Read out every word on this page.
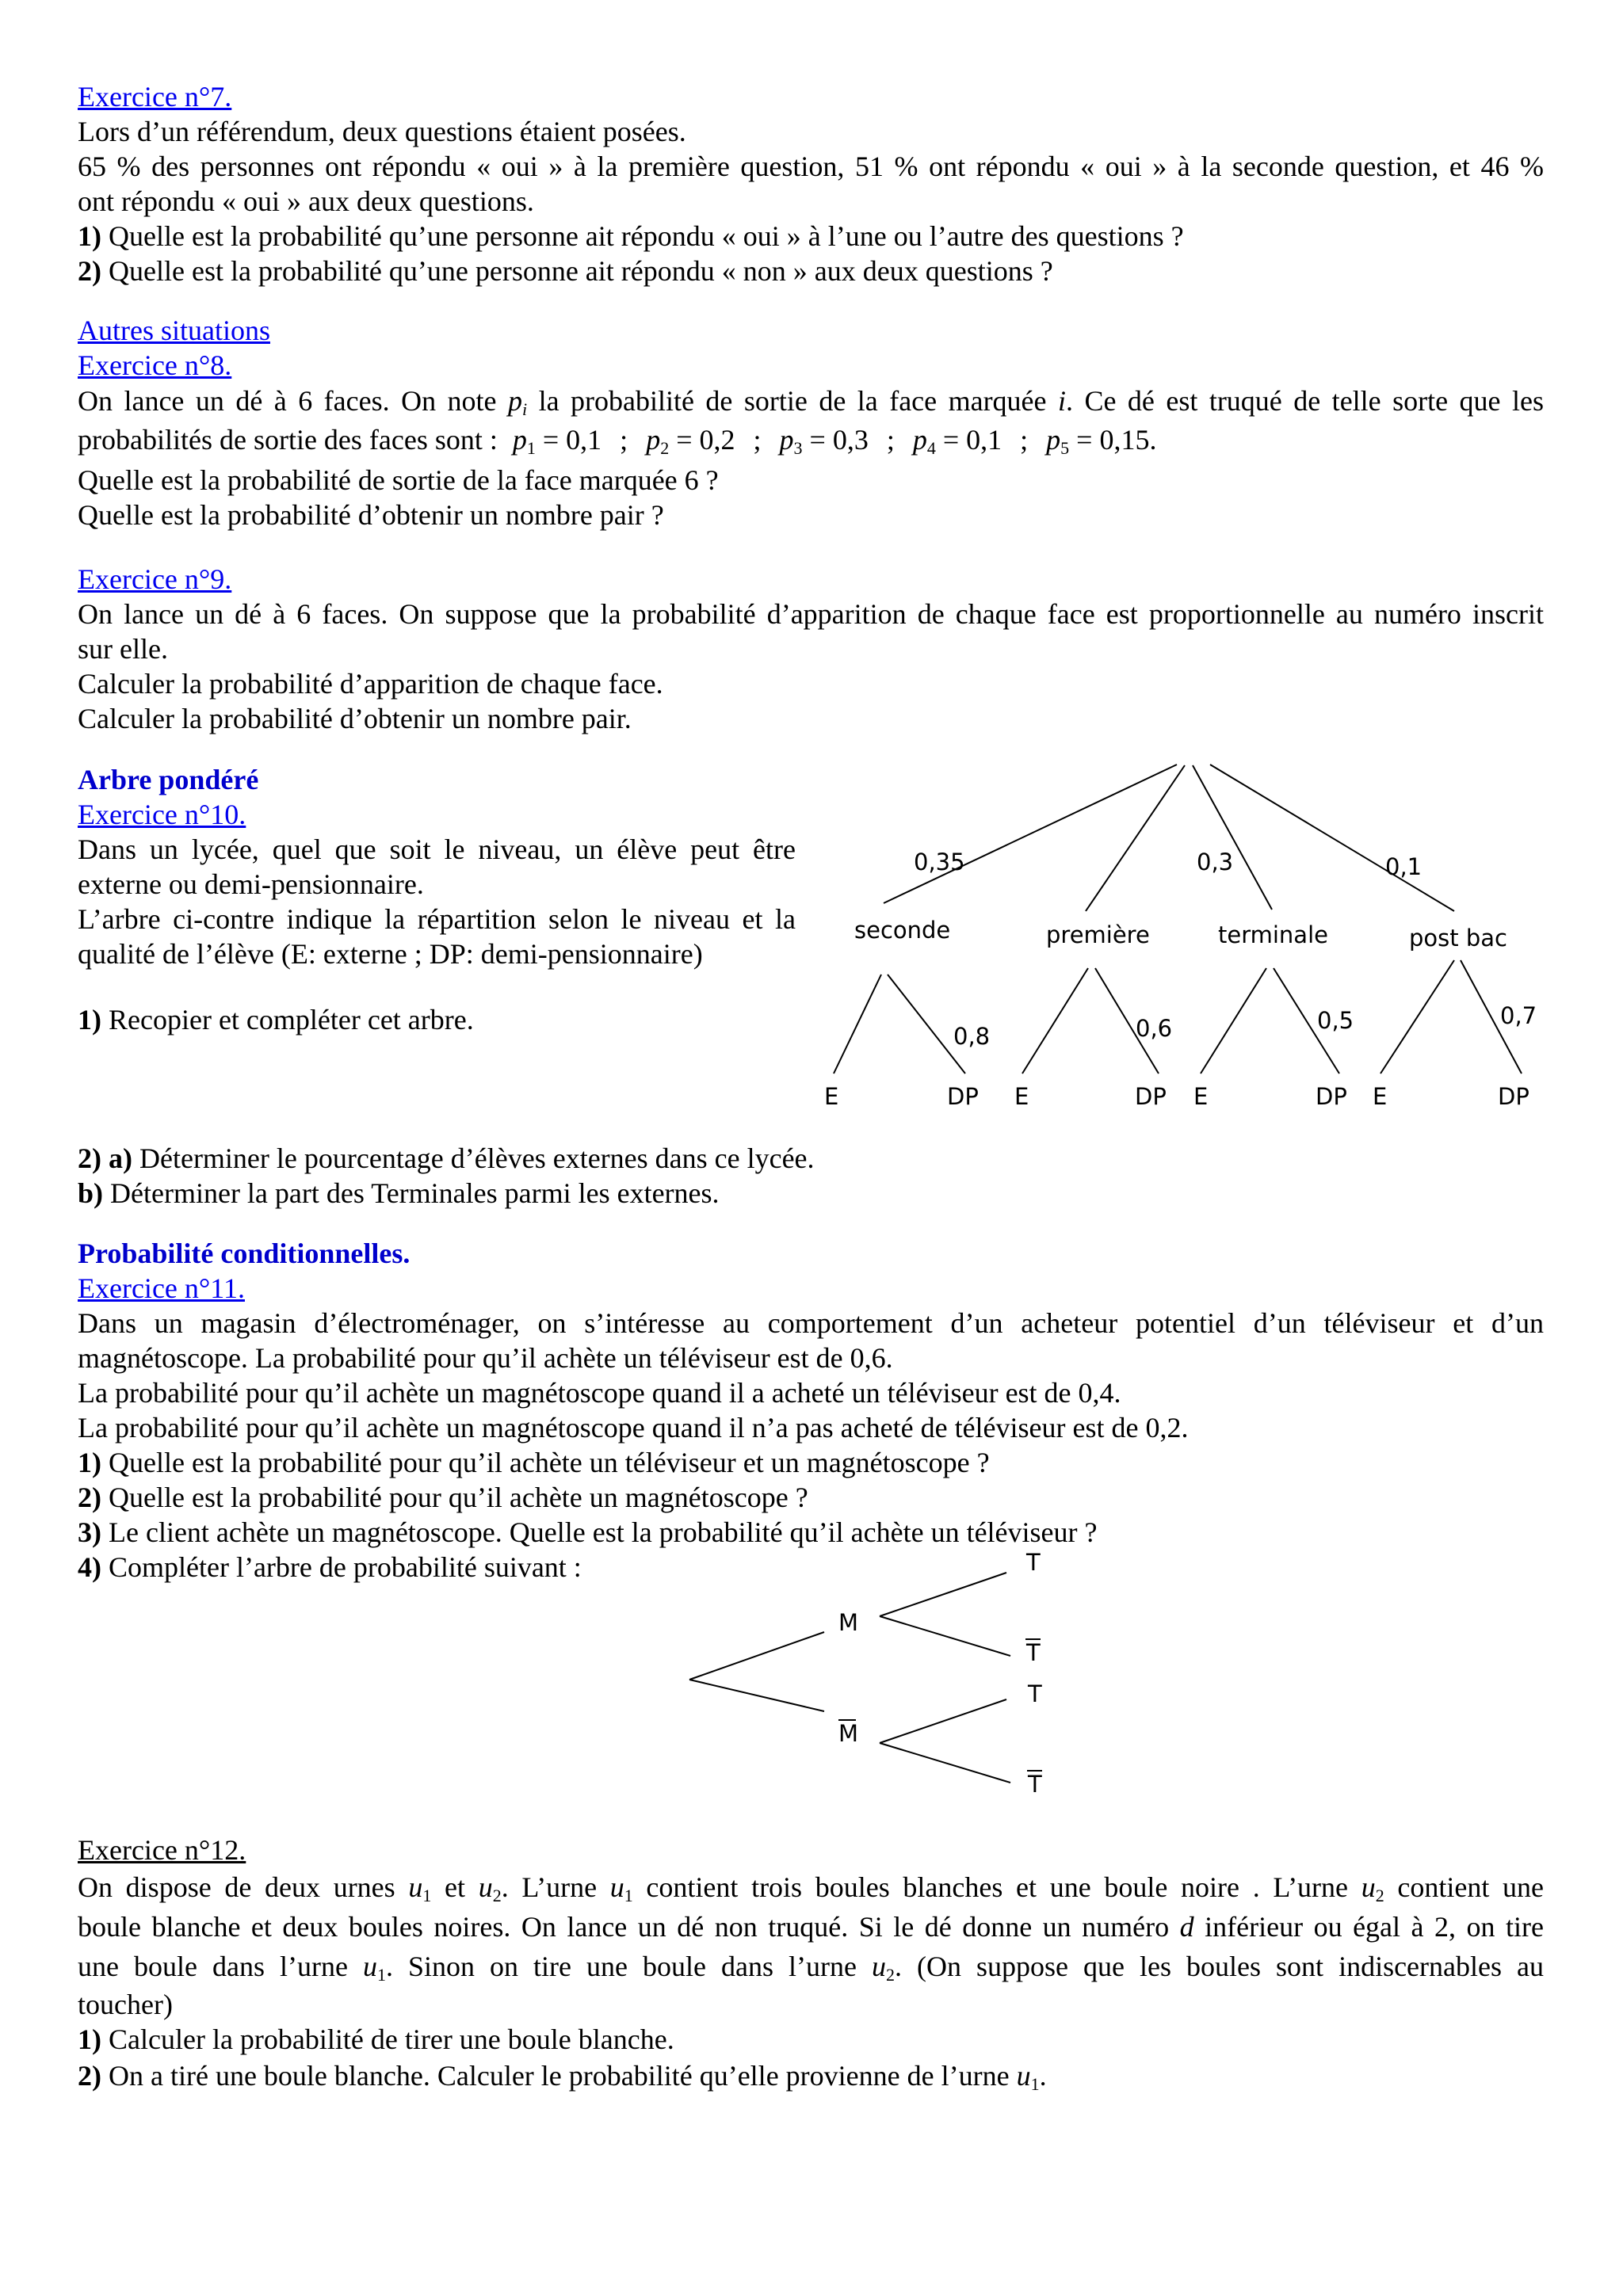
Exercice n°7.
Lors d’un référendum, deux questions étaient posées.
65 % des personnes ont répondu « oui » à la première question, 51 % ont répondu « oui » à la seconde question, et 46 %
ont répondu « oui » aux deux questions.
1) Quelle est la probabilité qu’une personne ait répondu « oui » à l’une ou l’autre des questions ?
2) Quelle est la probabilité qu’une personne ait répondu « non » aux deux questions ?
Autres situations
Exercice n°8.
On lance un dé à 6 faces. On note $p_i$ la probabilité de sortie de la face marquée i. Ce dé est truqué de telle sorte que les
probabilités de sortie des faces sont : $p_1 = 0,1$ ; $p_2 = 0,2$ ; $p_3 = 0,3$ ; $p_4 = 0,1$ ; $p_5 = 0,15$.
Quelle est la probabilité de sortie de la face marquée 6 ?
Quelle est la probabilité d’obtenir un nombre pair ?
Exercice n°9.
On lance un dé à 6 faces. On suppose que la probabilité d’apparition de chaque face est proportionnelle au numéro inscrit
sur elle.
Calculer la probabilité d’apparition de chaque face.
Calculer la probabilité d’obtenir un nombre pair.
Arbre pondéré
Exercice n°10.
Dans un lycée, quel que soit le niveau, un élève peut être
externe ou demi-pensionnaire.
L’arbre ci-contre indique la répartition selon le niveau et la
qualité de l’élève (E: externe ; DP: demi-pensionnaire)
1) Recopier et compléter cet arbre.
seconde	première	terminale	post bac
0,35	0,3	0,1
0,8	0,6	0,5	0,7
E	DP E	DP E	DP E	DP
2) a) Déterminer le pourcentage d’élèves externes dans ce lycée.
b) Déterminer la part des Terminales parmi les externes.
Probabilité conditionnelles.
Exercice n°11.
Dans un magasin d’électroménager, on s’intéresse au comportement d’un acheteur potentiel d’un téléviseur et d’un
magnétoscope. La probabilité pour qu’il achète un téléviseur est de 0,6.
La probabilité pour qu’il achète un magnétoscope quand il a acheté un téléviseur est de 0,4.
La probabilité pour qu’il achète un magnétoscope quand il n’a pas acheté de téléviseur est de 0,2.
1) Quelle est la probabilité pour qu’il achète un téléviseur et un magnétoscope ?
2) Quelle est la probabilité pour qu’il achète un magnétoscope ?
3) Le client achète un magnétoscope. Quelle est la probabilité qu’il achète un téléviseur ?
4) Compléter l’arbre de probabilité suivant :
M
M
T
T
T
T
Exercice n°12.
On dispose de deux urnes $u_1$ et $u_2$. L’urne $u_1$ contient trois boules blanches et une boule noire . L’urne $u_2$ contient une
boule blanche et deux boules noires. On lance un dé non truqué. Si le dé donne un numéro d inférieur ou égal à 2, on tire
une boule dans l’urne $u_1$. Sinon on tire une boule dans l’urne $u_2$. (On suppose que les boules sont indiscernables au
toucher)
1) Calculer la probabilité de tirer une boule blanche.
2) On a tiré une boule blanche. Calculer le probabilité qu’elle provienne de l’urne $u_1$.
